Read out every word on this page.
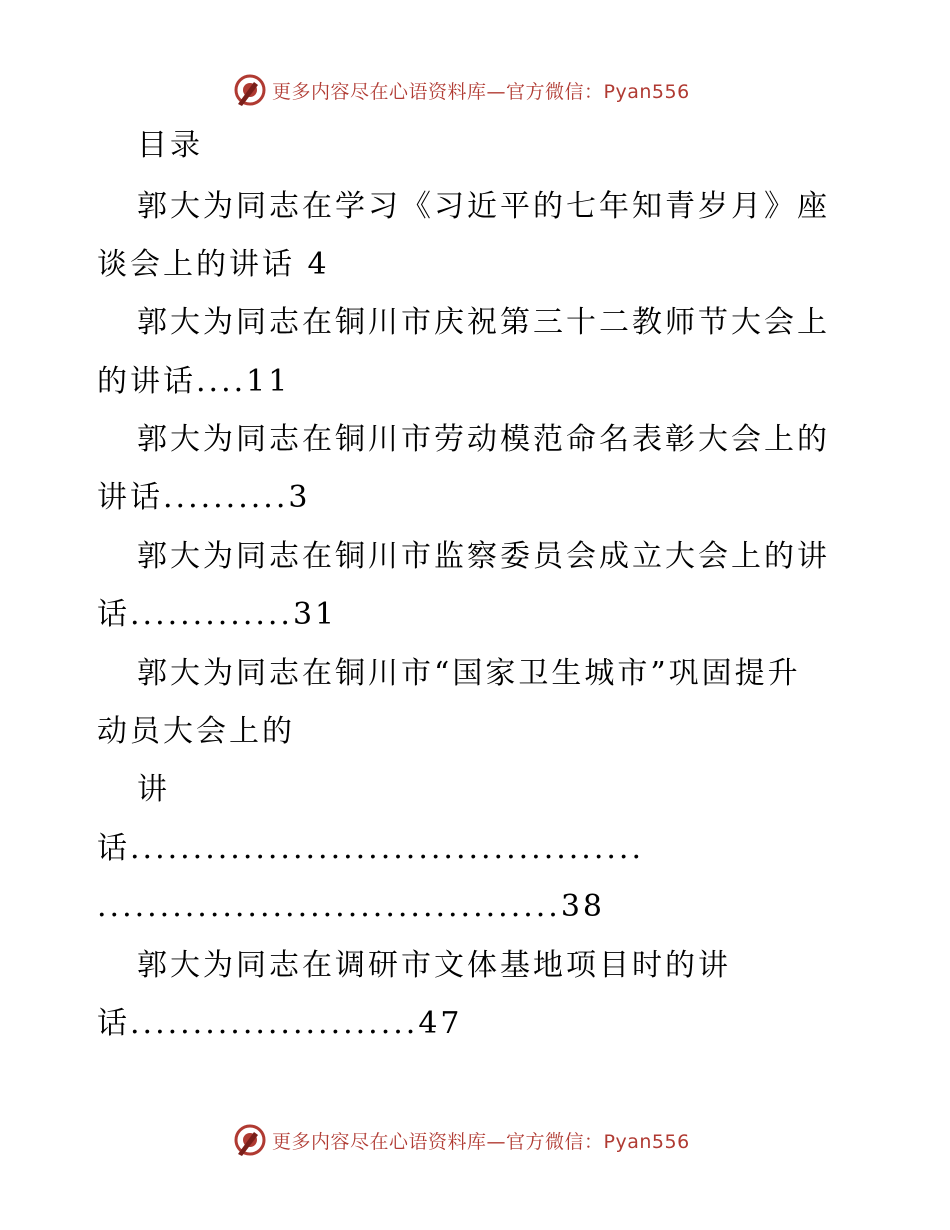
更多内容尽在心语资料库—官方微信：Pyan556
目录
郭大为同志在学习《习近平的七年知青岁月》座
谈会上的讲话 4
郭大为同志在铜川市庆祝第三十二教师节大会上
的讲话....11
郭大为同志在铜川市劳动模范命名表彰大会上的
讲话..........3
郭大为同志在铜川市监察委员会成立大会上的讲
话.............31
郭大为同志在铜川市“国家卫生城市”巩固提升
动员大会上的
讲
话.........................................
.....................................38
郭大为同志在调研市文体基地项目时的讲
话.......................47
更多内容尽在心语资料库—官方微信：Pyan556
